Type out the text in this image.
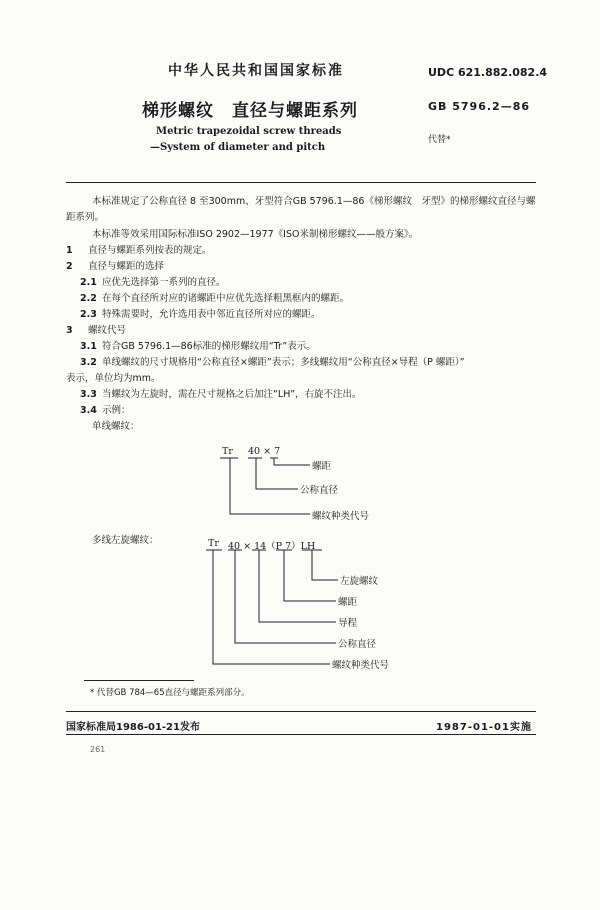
中华人民共和国国家标准	UDC 621.882.082.4
梯形螺纹　直径与螺距系列	GB 5796.2—86
Metric trapezoidal screw threads
—System of diameter and pitch
代替*
本标准规定了公称直径 8 至300mm、牙型符合GB 5796.1—86《梯形螺纹　牙型》的梯形螺纹直径与螺距系列。
本标准等效采用国际标准ISO 2902—1977《ISO米制梯形螺纹——般方案》。
1 直径与螺距系列按表的规定。
2 直径与螺距的选择
2.1 应优先选择第一系列的直径。
2.2 在每个直径所对应的诸螺距中应优先选择粗黑框内的螺距。
2.3 特殊需要时，允许选用表中邻近直径所对应的螺距。
3 螺纹代号
3.1 符合GB 5796.1—86标准的梯形螺纹用“Tr”表示。
3.2 单线螺纹的尺寸规格用“公称直径×螺距”表示；多线螺纹用“公称直径×导程（P 螺距）”
表示，单位均为mm。
3.3 当螺纹为左旋时，需在尺寸规格之后加注“LH”，右旋不注出。
3.4 示例：
单线螺纹：
Tr 40 × 7
螺距
公称直径
螺纹种类代号
多线左旋螺纹：	Tr 40 × 14（P 7）LH
左旋螺纹
螺距
导程
公称直径
螺纹种类代号
* 代替GB 784—65直径与螺距系列部分。
国家标准局1986-01-21发布	1987-01-01实施
261
